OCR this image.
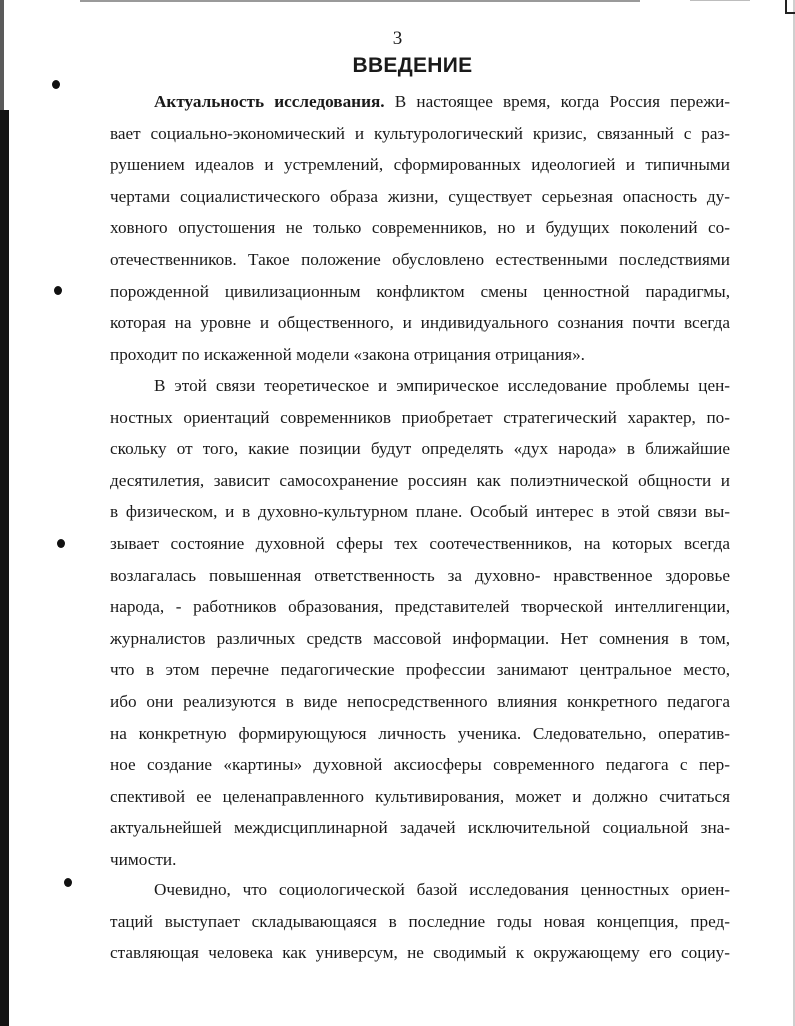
3
ВВЕДЕНИЕ
Актуальность исследования. В настоящее время, когда Россия пережи-
вает социально-экономический и культурологический кризис, связанный с раз-
рушением идеалов и устремлений, сформированных идеологией и типичными
чертами социалистического образа жизни, существует серьезная опасность ду-
ховного опустошения не только современников, но и будущих поколений со-
отечественников. Такое положение обусловлено естественными последствиями
порожденной цивилизационным конфликтом смены ценностной парадигмы,
которая на уровне и общественного, и индивидуального сознания почти всегда
проходит по искаженной модели «закона отрицания отрицания».
В этой связи теоретическое и эмпирическое исследование проблемы цен-
ностных ориентаций современников приобретает стратегический характер, по-
скольку от того, какие позиции будут определять «дух народа» в ближайшие
десятилетия, зависит самосохранение россиян как полиэтнической общности и
в физическом, и в духовно-культурном плане. Особый интерес в этой связи вы-
зывает состояние духовной сферы тех соотечественников, на которых всегда
возлагалась повышенная ответственность за духовно- нравственное здоровье
народа, - работников образования, представителей творческой интеллигенции,
журналистов различных средств массовой информации. Нет сомнения в том,
что в этом перечне педагогические профессии занимают центральное место,
ибо они реализуются в виде непосредственного влияния конкретного педагога
на конкретную формирующуюся личность ученика. Следовательно, оператив-
ное создание «картины» духовной аксиосферы современного педагога с пер-
спективой ее целенаправленного культивирования, может и должно считаться
актуальнейшей междисциплинарной задачей исключительной социальной зна-
чимости.
Очевидно, что социологической базой исследования ценностных ориен-
таций выступает складывающаяся в последние годы новая концепция, пред-
ставляющая человека как универсум, не сводимый к окружающему его социу-
